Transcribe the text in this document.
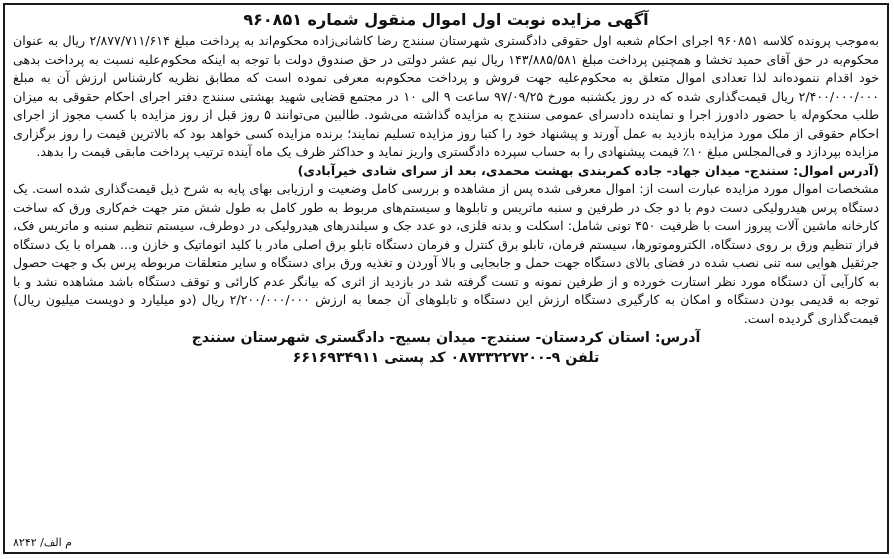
آگهی مزایده نوبت اول اموال منقول شماره ۹۶۰۸۵۱

به‌موجب پرونده کلاسه ۹۶۰۸۵۱ اجرای احکام شعبه اول حقوقی دادگستری شهرستان سنندج رضا کاشانی‌زاده محکوم‌اند به پرداخت مبلغ ۲/۸۷۷/۷۱۱/۶۱۴ ریال به عنوان محکوم‌به در حق آقای حمید تخشا و همچنین پرداخت مبلغ ۱۴۳/۸۸۵/۵۸۱ ریال نیم عشر دولتی در حق صندوق دولت با توجه به اینکه محکوم‌علیه نسبت به پرداخت بدهی خود اقدام ننموده‌اند لذا تعدادی اموال متعلق به محکوم‌علیه جهت فروش و پرداخت محکوم‌به معرفی نموده است که مطابق نظریه کارشناس ارزش آن به مبلغ ۲/۴۰۰/۰۰۰/۰۰۰ ریال قیمت‌گذاری شده که در روز یکشنبه مورخ ۹۷/۰۹/۲۵ ساعت ۹ الی ۱۰ در مجتمع قضایی شهید بهشتی سنندج دفتر اجرای احکام حقوقی به میزان طلب محکوم‌له با حضور دادورز اجرا و نماینده دادسرای عمومی سنندج به مزایده گذاشته می‌شود. طالبین می‌توانند ۵ روز قبل از روز مزایده با کسب مجوز از اجرای احکام حقوقی از ملک مورد مزایده بازدید به عمل آورند و پیشنهاد خود را کتبا روز مزایده تسلیم نمایند؛ برنده مزایده کسی خواهد بود که بالاترین قیمت را روز برگزاری مزایده بپردازد و فی‌المجلس مبلغ ۱۰٪ قیمت پیشنهادی را به حساب سپرده دادگستری واریز نماید و حداکثر ظرف یک ماه آینده ترتیب پرداخت مابقی قیمت را بدهد.

(آدرس اموال: سنندج- میدان جهاد- جاده کمربندی بهشت محمدی، بعد از سرای شادی خیرآبادی)

مشخصات اموال مورد مزایده عبارت است از: اموال معرفی شده پس از مشاهده و بررسی کامل وضعیت و ارزیابی بهای پایه به شرح ذیل قیمت‌گذاری شده است. یک دستگاه پرس هیدرولیکی دست دوم با دو جک در طرفین و سنبه ماتریس و تابلوها و سیستم‌های مربوط به طور کامل به طول شش متر جهت خم‌کاری ورق که ساخت کارخانه ماشین آلات پیروز است با ظرفیت ۴۵۰ تونی شامل: اسکلت و بدنه فلزی، دو عدد جک و سیلندرهای هیدرولیکی در دوطرف، سیستم تنظیم سنبه و ماتریس فک، فراز تنظیم ورق بر روی دستگاه، الکتروموتورها، سیستم فرمان، تابلو برق کنترل و فرمان دستگاه تابلو برق اصلی مادر با کلید اتوماتیک و خازن و... همراه با یک دستگاه جرثقیل هوایی سه تنی نصب شده در فضای بالای دستگاه جهت حمل و جابجایی و بالا آوردن و تغذیه ورق برای دستگاه و سایر متعلقات مربوطه پرس بک و جهت حصول به کارآیی آن دستگاه مورد نظر استارت خورده و از طرفین نمونه و تست گرفته شد در بازدید از اثری که بیانگر عدم کارائی و توقف دستگاه باشد مشاهده نشد و با توجه به قدیمی بودن دستگاه و امکان به کارگیری دستگاه ارزش این دستگاه و تابلوهای آن جمعا به ارزش ۲/۲۰۰/۰۰۰/۰۰۰ ریال (دو میلیارد و دویست میلیون ریال) قیمت‌گذاری گردیده است.

آدرس: استان کردستان- سنندج- میدان بسیج- دادگستری شهرستان سنندج
تلفن ۹-۰۸۷۳۳۲۲۷۲۰۰ کد پستی ۶۶۱۶۹۳۴۹۱۱
م الف/ ۸۲۴۲
